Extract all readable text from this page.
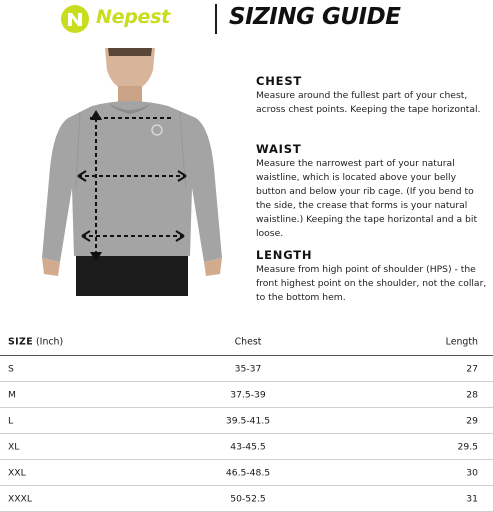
Nepest	SIZING GUIDE

CHEST

Measure around the fullest part of your chest, across chest points. Keeping the tape horizontal.

WAIST

Measure the narrowest part of your natural waistline, which is located above your belly button and below your rib cage. (If you bend to the side, the crease that forms is your natural waistline.) Keeping the tape horizontal and a bit loose.

LENGTH

Measure from high point of shoulder (HPS) - the front highest point on the shoulder, not the collar, to the bottom hem.

SIZE (Inch)	Chest	Length
S	35-37	27
M	37.5-39	28
L	39.5-41.5	29
XL	43-45.5	29.5
XXL	46.5-48.5	30
XXXL	50-52.5	31
